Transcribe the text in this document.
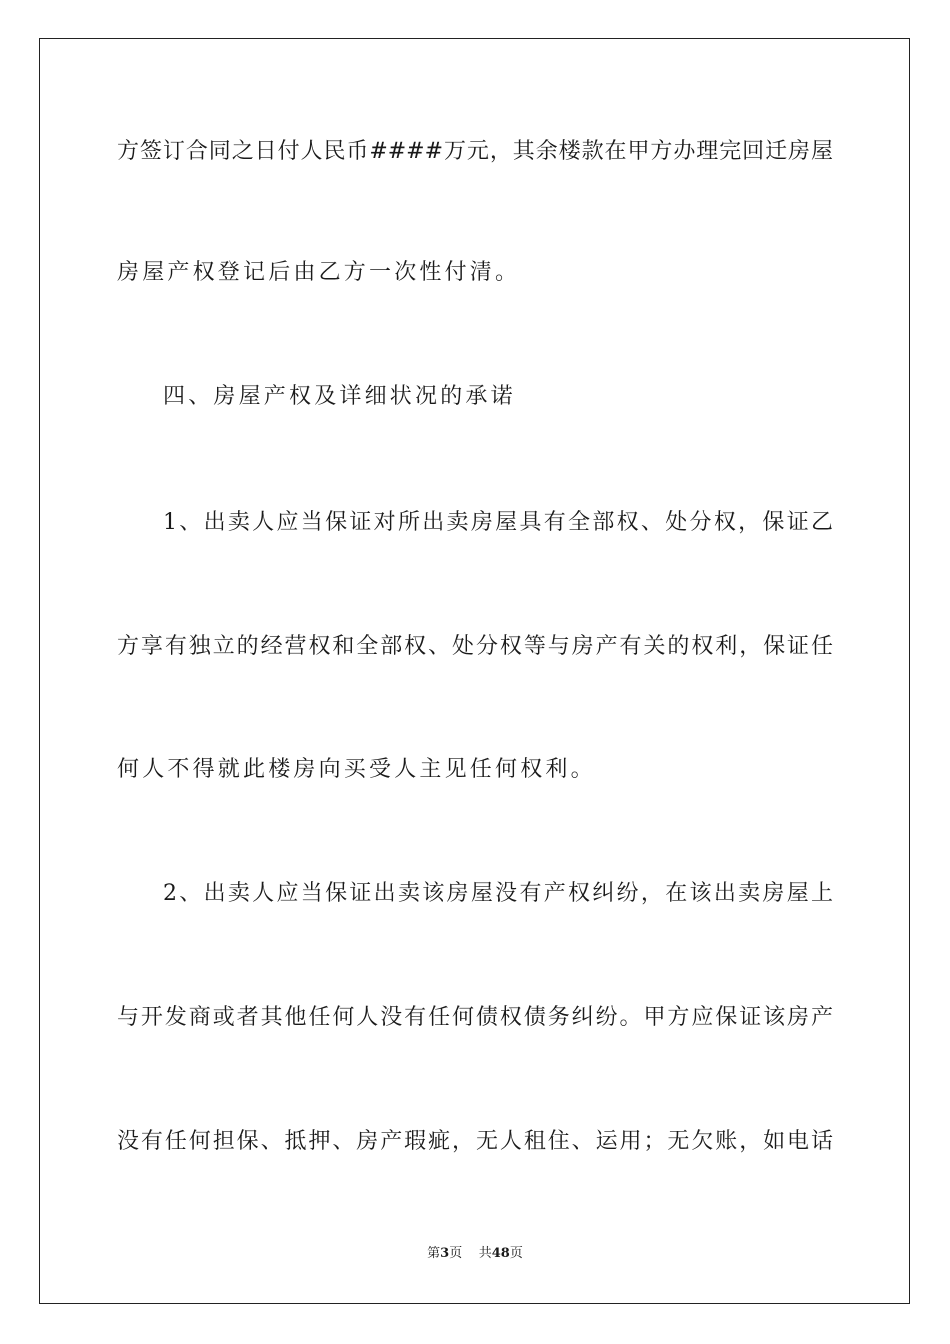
方签订合同之日付人民币####万元，其余楼款在甲方办理完回迁房屋
房屋产权登记后由乙方一次性付清。
四、房屋产权及详细状况的承诺
1、出卖人应当保证对所出卖房屋具有全部权、处分权，保证乙
方享有独立的经营权和全部权、处分权等与房产有关的权利，保证任
何人不得就此楼房向买受人主见任何权利。
2、出卖人应当保证出卖该房屋没有产权纠纷，在该出卖房屋上
与开发商或者其他任何人没有任何债权债务纠纷。甲方应保证该房产
没有任何担保、抵押、房产瑕疵，无人租住、运用；无欠账，如电话
第3页 共48页
